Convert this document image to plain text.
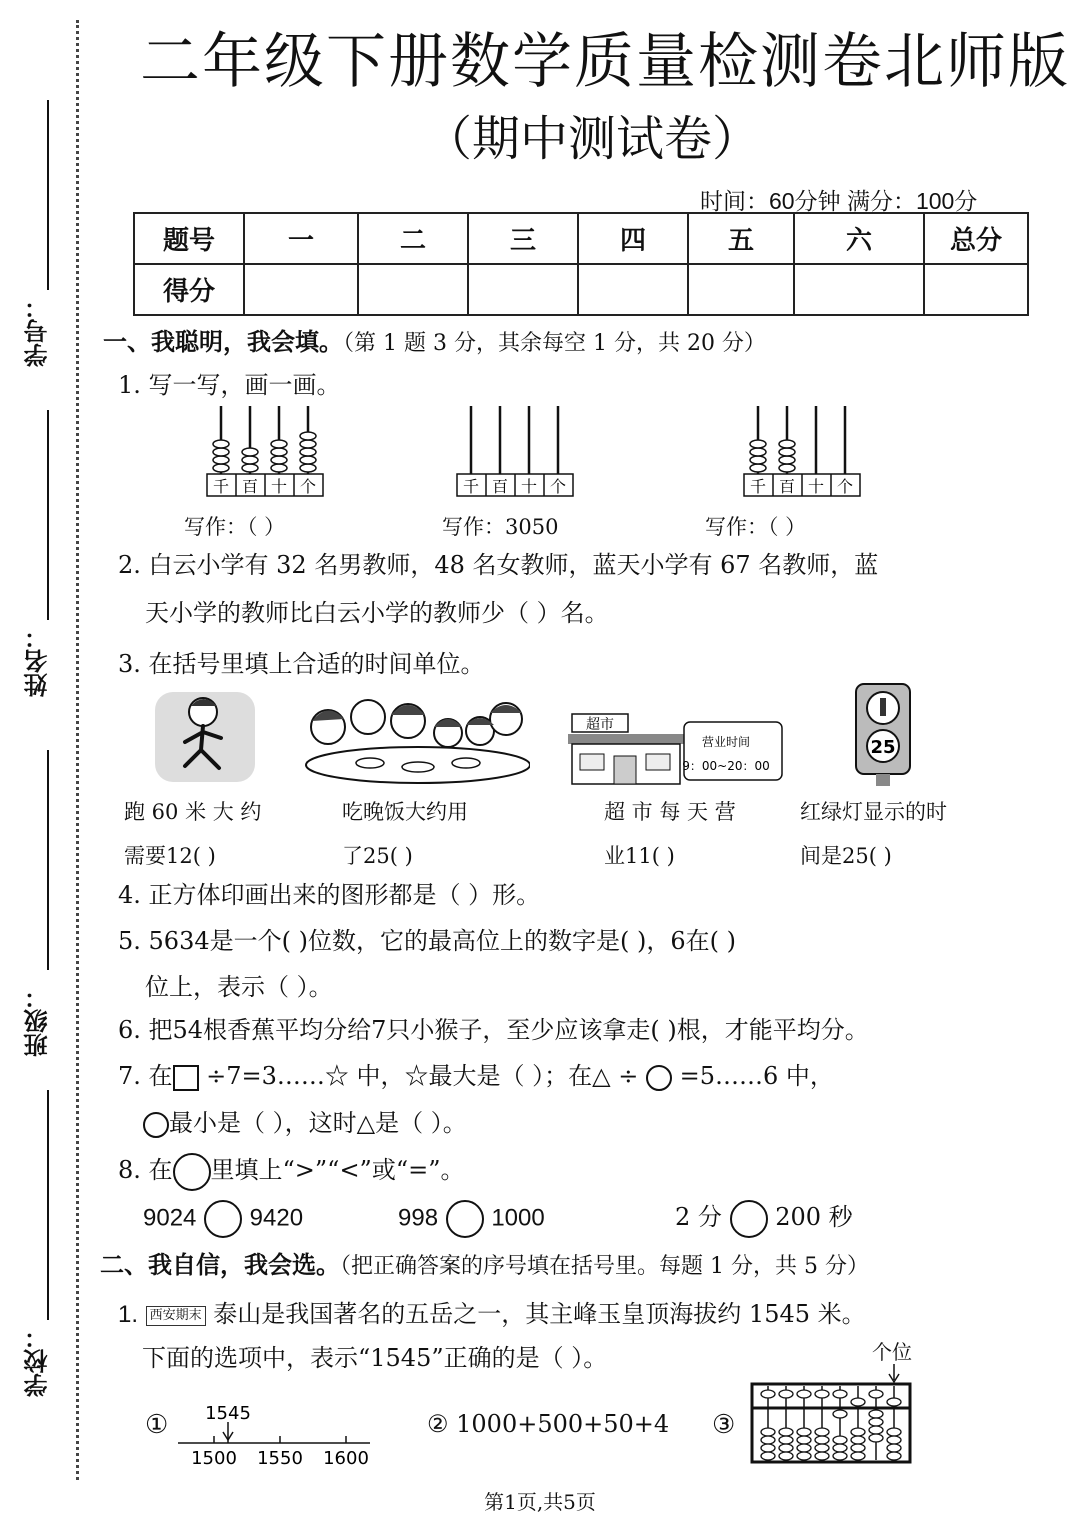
学号：
姓名：
班级：
学校：
二年级下册数学质量检测卷北师版
（期中测试卷）
时间：60分钟 满分：100分
题号	一	二	三	四	五	六	总分
得分							
一、我聪明，我会填。（第 1 题 3 分，其余每空 1 分，共 20 分）
1. 写一写，画一画。
千 百 十 个	千 百 十 个	千 百 十 个
写作：（ ）	写作：3050	写作：（ ）
2. 白云小学有 32 名男教师，48 名女教师，蓝天小学有 67 名教师，蓝
天小学的教师比白云小学的教师少（ ）名。
3. 在括号里填上合适的时间单位。
超市
营业时间
9：00~20：00
25
跑 60 米 大 约
需要12( )
吃晚饭大约用
了25( )
超 市 每 天 营
业11( )
红绿灯显示的时
间是25( )
4. 正方体印画出来的图形都是（ ）形。
5. 5634是一个( )位数，它的最高位上的数字是( )，6在( )
位上，表示（ ）。
6. 把54根香蕉平均分给7只小猴子，至少应该拿走( )根，才能平均分。
7. 在 ÷7=3……☆ 中，☆最大是（ ）；在△ ÷  =5……6 中，
最小是（ ），这时△是（ ）。
8. 在 里填上“>”“<”或“=”。
9024 9420	998 1000	2 分 200 秒
二、我自信，我会选。（把正确答案的序号填在括号里。每题 1 分，共 5 分）
1. 西安期末 泰山是我国著名的五岳之一，其主峰玉皇顶海拔约 1545 米。
下面的选项中，表示“1545”正确的是（ ）。
① 1545
1500 1550 1600
② 1000+500+50+4 ③
个位
第1页,共5页
